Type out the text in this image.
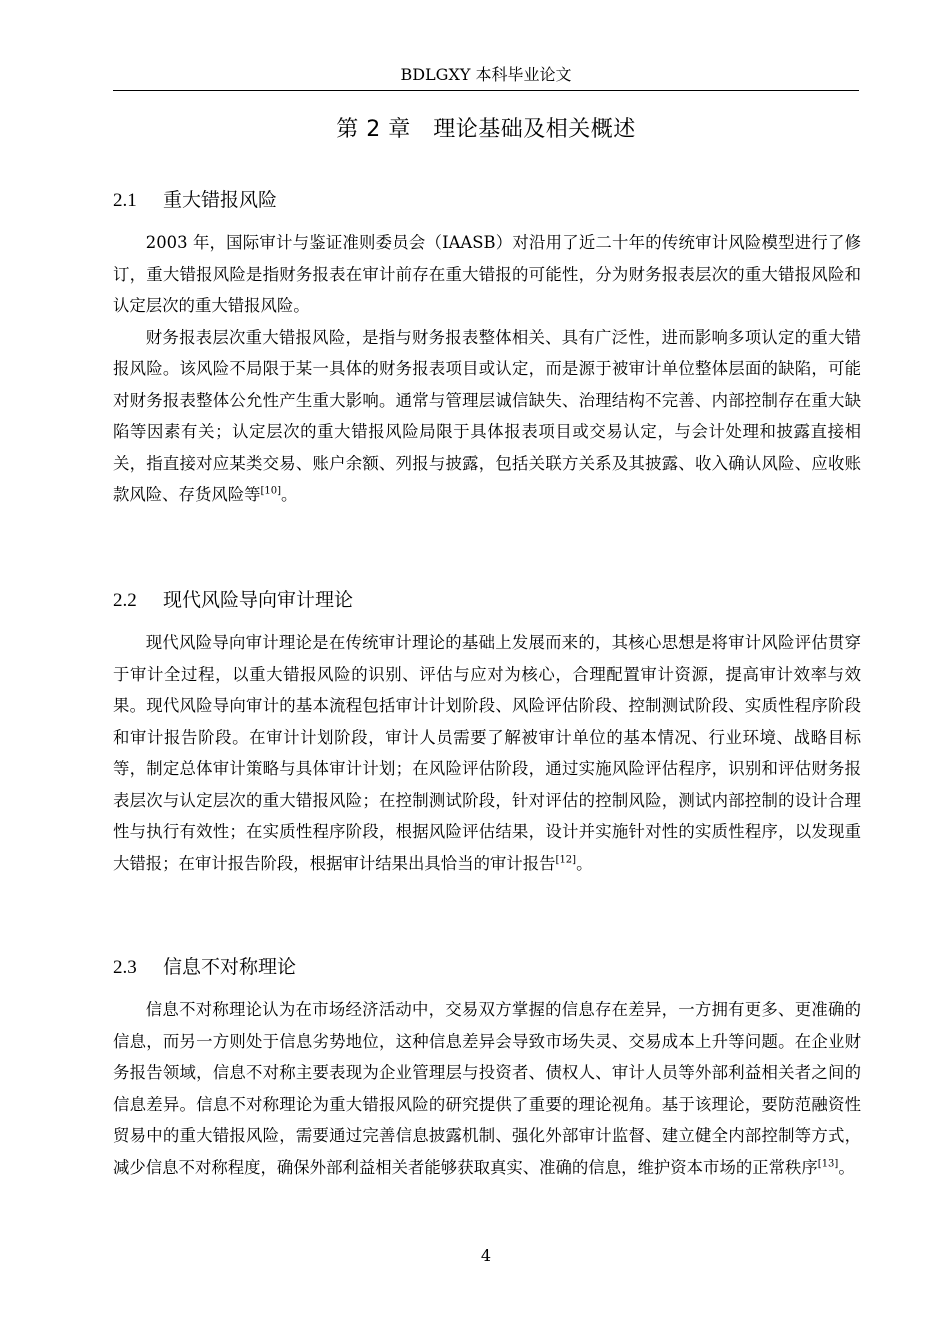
BDLGXY 本科毕业论文
第 2 章　理论基础及相关概述
2.1 重大错报风险

2003 年，国际审计与鉴证准则委员会（IAASB）对沿用了近二十年的传统审计风险模型进行了修订，重大错报风险是指财务报表在审计前存在重大错报的可能性，分为财务报表层次的重大错报风险和认定层次的重大错报风险。

财务报表层次重大错报风险，是指与财务报表整体相关、具有广泛性，进而影响多项认定的重大错报风险。该风险不局限于某一具体的财务报表项目或认定，而是源于被审计单位整体层面的缺陷，可能对财务报表整体公允性产生重大影响。通常与管理层诚信缺失、治理结构不完善、内部控制存在重大缺陷等因素有关；认定层次的重大错报风险局限于具体报表项目或交易认定，与会计处理和披露直接相关，指直接对应某类交易、账户余额、列报与披露，包括关联方关系及其披露、收入确认风险、应收账款风险、存货风险等[10]。

2.2 现代风险导向审计理论

现代风险导向审计理论是在传统审计理论的基础上发展而来的，其核心思想是将审计风险评估贯穿于审计全过程，以重大错报风险的识别、评估与应对为核心，合理配置审计资源，提高审计效率与效果。现代风险导向审计的基本流程包括审计计划阶段、风险评估阶段、控制测试阶段、实质性程序阶段和审计报告阶段。在审计计划阶段，审计人员需要了解被审计单位的基本情况、行业环境、战略目标等，制定总体审计策略与具体审计计划；在风险评估阶段，通过实施风险评估程序，识别和评估财务报表层次与认定层次的重大错报风险；在控制测试阶段，针对评估的控制风险，测试内部控制的设计合理性与执行有效性；在实质性程序阶段，根据风险评估结果，设计并实施针对性的实质性程序，以发现重大错报；在审计报告阶段，根据审计结果出具恰当的审计报告[12]。

2.3 信息不对称理论

信息不对称理论认为在市场经济活动中，交易双方掌握的信息存在差异，一方拥有更多、更准确的信息，而另一方则处于信息劣势地位，这种信息差异会导致市场失灵、交易成本上升等问题。在企业财务报告领域，信息不对称主要表现为企业管理层与投资者、债权人、审计人员等外部利益相关者之间的信息差异。信息不对称理论为重大错报风险的研究提供了重要的理论视角。基于该理论，要防范融资性贸易中的重大错报风险，需要通过完善信息披露机制、强化外部审计监督、建立健全内部控制等方式，减少信息不对称程度，确保外部利益相关者能够获取真实、准确的信息，维护资本市场的正常秩序[13]。

4
